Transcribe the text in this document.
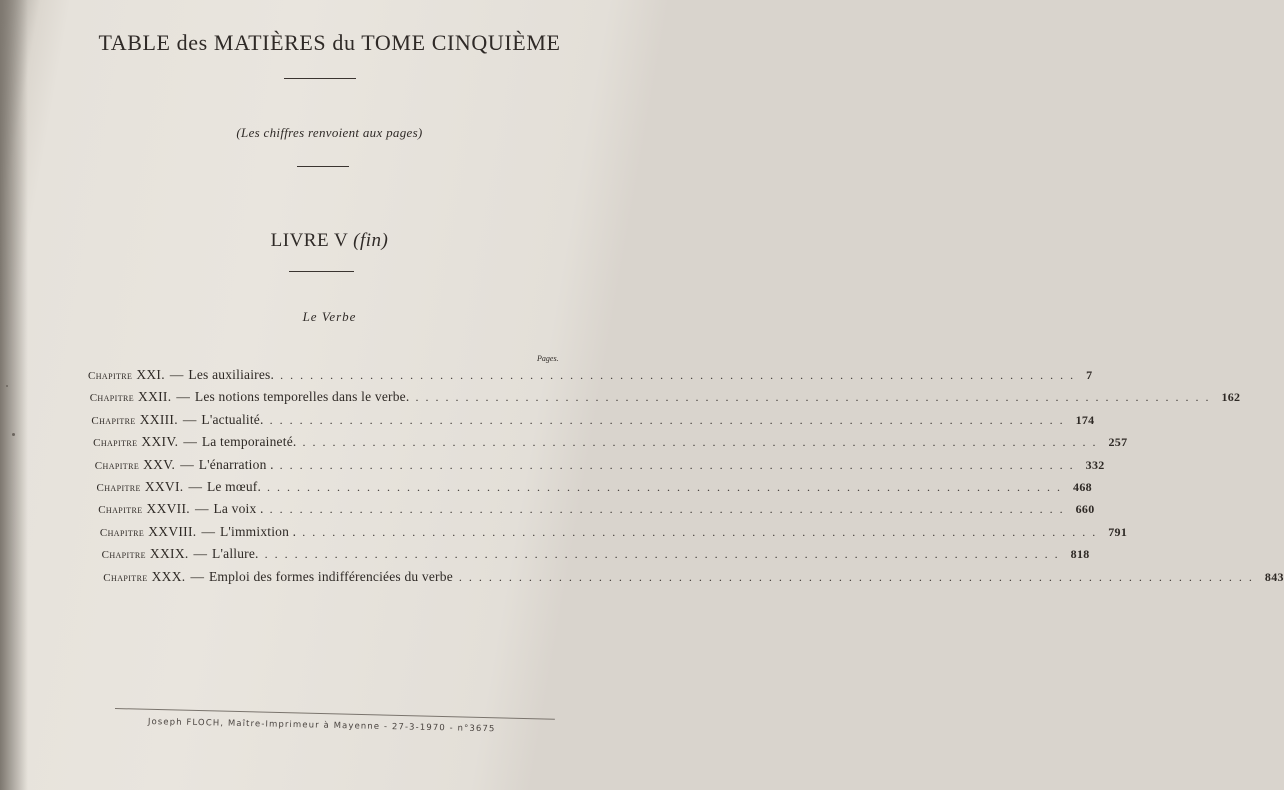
TABLE des MATIÈRES du TOME CINQUIÈME
(Les chiffres renvoient aux pages)
LIVRE V (fin)
Le Verbe
Pages.
Chapitre XXI. — Les auxiliaires. ................................................................................ 7
Chapitre XXII. — Les notions temporelles dans le verbe. ................................................................................ 162
Chapitre XXIII. — L'actualité. ................................................................................ 174
Chapitre XXIV. — La temporaineté. ................................................................................ 257
Chapitre XXV. — L'énarration . ................................................................................ 332
Chapitre XXVI. — Le mœuf. ................................................................................ 468
Chapitre XXVII. — La voix . ................................................................................ 660
Chapitre XXVIII. — L'immixtion . ................................................................................ 791
Chapitre XXIX. — L'allure. ................................................................................ 818
Chapitre XXX. — Emploi des formes indifférenciées du verbe ................................................................................ 843
Joseph FLOCH, Maître-Imprimeur à Mayenne - 27-3-1970 - n°3675
